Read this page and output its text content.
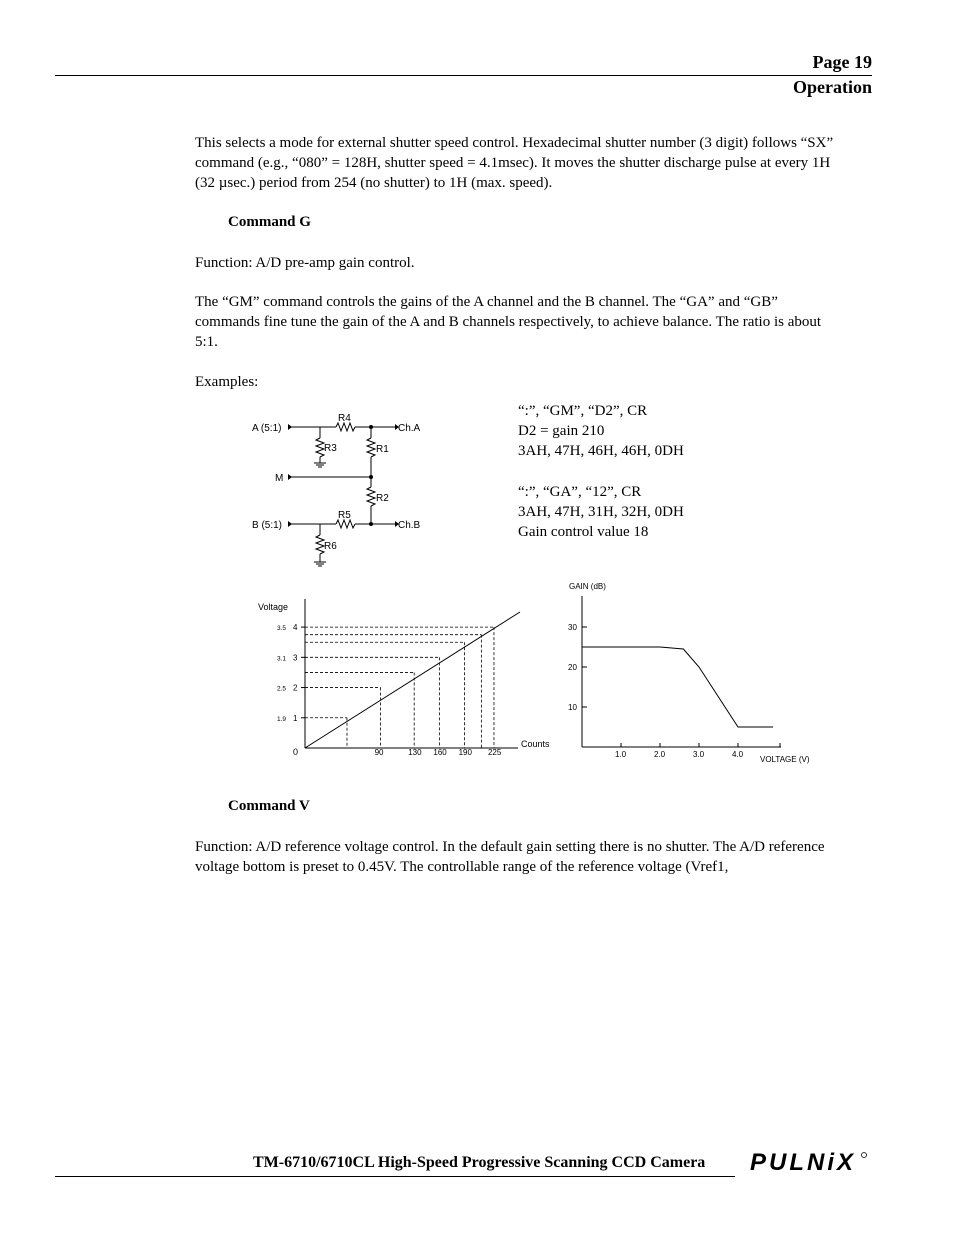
Page 19
Operation

This selects a mode for external shutter speed control. Hexadecimal shutter number (3 digit) follows “SX” command (e.g., “080” = 128H, shutter speed = 4.1msec). It moves the shutter discharge pulse at every 1H (32 µsec.) period from 254 (no shutter) to 1H (max. speed).

Command G

Function: A/D pre-amp gain control.

The “GM” command controls the gains of the A channel and the B channel. The “GA” and “GB” commands fine tune the gain of the A and B channels respectively, to achieve balance. The ratio is about 5:1.

Examples:

“:”, “GM”, “D2”, CR
D2 = gain 210
3AH, 47H, 46H, 46H, 0DH
“:”, “GA”, “12”, CR
3AH, 47H, 31H, 32H, 0DH
Gain control value 18
A (5:1)
M
B (5:1)
Ch.A
Ch.B
R4
R3	R1
R2
R5
R6
90	130 160 190 225
1
1.9
2
2.5
3
3.1
4
3.5
Voltage
Counts
0	1.0	2.0	3.0	4.0
10
20
30
GAIN (dB)
VOLTAGE (V)
Command V

Function: A/D reference voltage control. In the default gain setting there is no shutter. The A/D reference voltage bottom is preset to 0.45V. The controllable range of the reference voltage (Vref1,

TM-6710/6710CL High-Speed Progressive Scanning CCD Camera PULNiX
